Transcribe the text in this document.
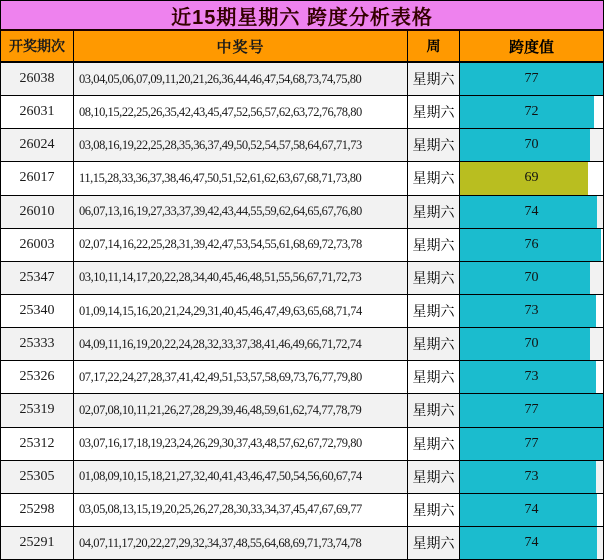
近15期星期六 跨度分析表格
开奖期次	中奖号	周	跨度值
26038	03,04,05,06,07,09,11,20,21,26,36,44,46,47,54,68,73,74,75,80	星期六	77
26031	08,10,15,22,25,26,35,42,43,45,47,52,56,57,62,63,72,76,78,80	星期六	72
26024	03,08,16,19,22,25,28,35,36,37,49,50,52,54,57,58,64,67,71,73	星期六	70
26017	11,15,28,33,36,37,38,46,47,50,51,52,61,62,63,67,68,71,73,80	星期六	69
26010	06,07,13,16,19,27,33,37,39,42,43,44,55,59,62,64,65,67,76,80	星期六	74
26003	02,07,14,16,22,25,28,31,39,42,47,53,54,55,61,68,69,72,73,78	星期六	76
25347	03,10,11,14,17,20,22,28,34,40,45,46,48,51,55,56,67,71,72,73	星期六	70
25340	01,09,14,15,16,20,21,24,29,31,40,45,46,47,49,63,65,68,71,74	星期六	73
25333	04,09,11,16,19,20,22,24,28,32,33,37,38,41,46,49,66,71,72,74	星期六	70
25326	07,17,22,24,27,28,37,41,42,49,51,53,57,58,69,73,76,77,79,80	星期六	73
25319	02,07,08,10,11,21,26,27,28,29,39,46,48,59,61,62,74,77,78,79	星期六	77
25312	03,07,16,17,18,19,23,24,26,29,30,37,43,48,57,62,67,72,79,80	星期六	77
25305	01,08,09,10,15,18,21,27,32,40,41,43,46,47,50,54,56,60,67,74	星期六	73
25298	03,05,08,13,15,19,20,25,26,27,28,30,33,34,37,45,47,67,69,77	星期六	74
25291	04,07,11,17,20,22,27,29,32,34,37,48,55,64,68,69,71,73,74,78	星期六	74
